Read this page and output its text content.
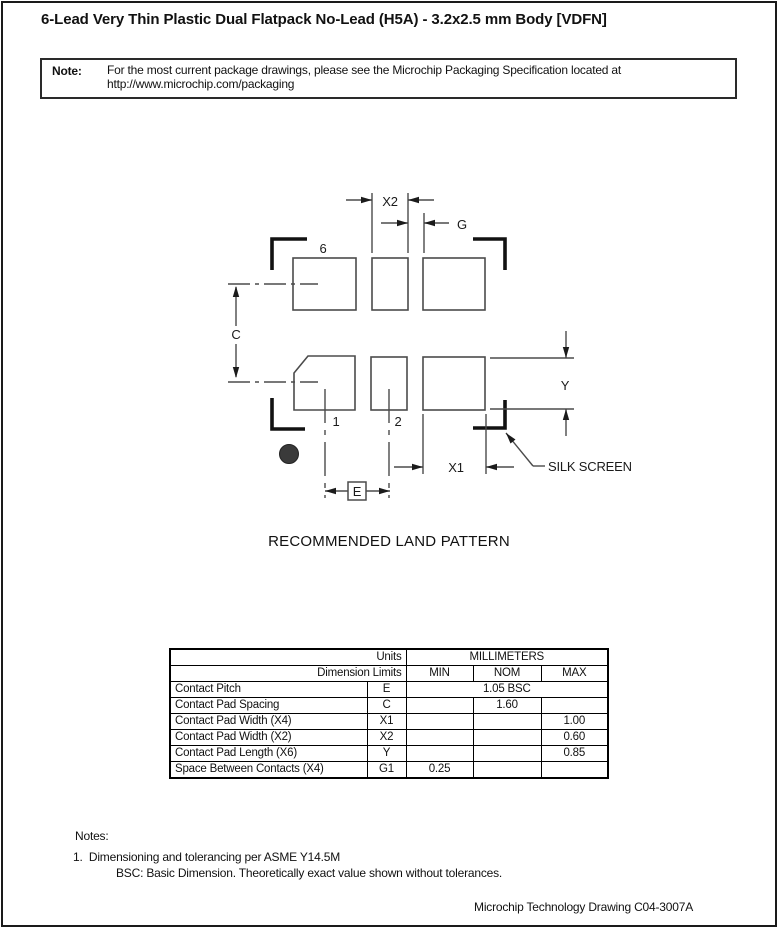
6-Lead Very Thin Plastic Dual Flatpack No-Lead (H5A) - 3.2x2.5 mm Body [VDFN]
Note: For the most current package drawings, please see the Microchip Packaging Specification located at
http://www.microchip.com/packaging
X2
G
6
C
1	2
E
X1
Y
SILK SCREEN
RECOMMENDED LAND PATTERN
Units		MILLIMETERS		
Dimension Limits		MIN	NOM	MAX
Contact Pitch	E	1.05 BSC		
Contact Pad Spacing	C		1.60	
Contact Pad Width (X4)	X1			1.00
Contact Pad Width (X2)	X2			0.60
Contact Pad Length (X6)	Y			0.85
Space Between Contacts (X4)	G1	0.25		
Notes:
1.  Dimensioning and tolerancing per ASME Y14.5M
BSC: Basic Dimension. Theoretically exact value shown without tolerances.
Microchip Technology Drawing C04-3007A
